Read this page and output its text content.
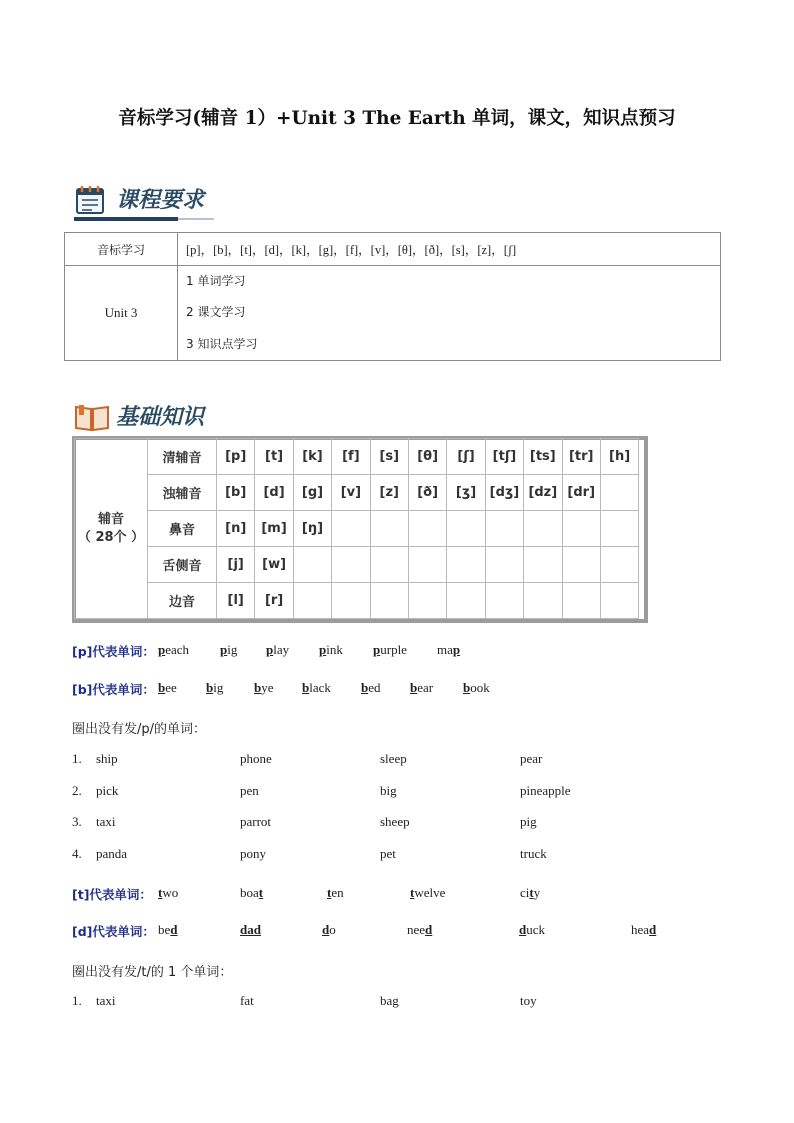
音标学习(辅音 1）+Unit 3 The Earth 单词，课文，知识点预习
课程要求
音标学习	[p]，[b]，[t]，[d]，[k]，[g]，[f]，[v]，[θ]，[ð]，[s]，[z]，[ʃ]
Unit 3	1 单词学习
2 课文学习
3 知识点学习
基础知识
辅音
（ 28个 ）	清辅音	[p]	[t]	[k]	[f]	[s]	[θ]	[ʃ]	[tʃ]	[ts]	[tr]	[h]
	浊辅音	[b]	[d]	[g]	[v]	[z]	[ð]	[ʒ]	[dʒ]	[dz]	[dr]	
	鼻音	[n]	[m]	[ŋ]								
	舌侧音	[j]	[w]									
	边音	[l]	[r]									
[p]代表单词： peach pig play pink purple map
[b]代表单词： bee big bye black bed bear book
圈出没有发/p/的单词：
1. ship	phone	sleep	pear
2. pick	pen	big	pineapple
3. taxi	parrot	sheep	pig
4. panda	pony	pet	truck
[t]代表单词： two	boat	ten	twelve	city
[d]代表单词： bed	dad	do	need	duck	head
圈出没有发/t/的 1 个单词：
1. taxi	fat	bag	toy
